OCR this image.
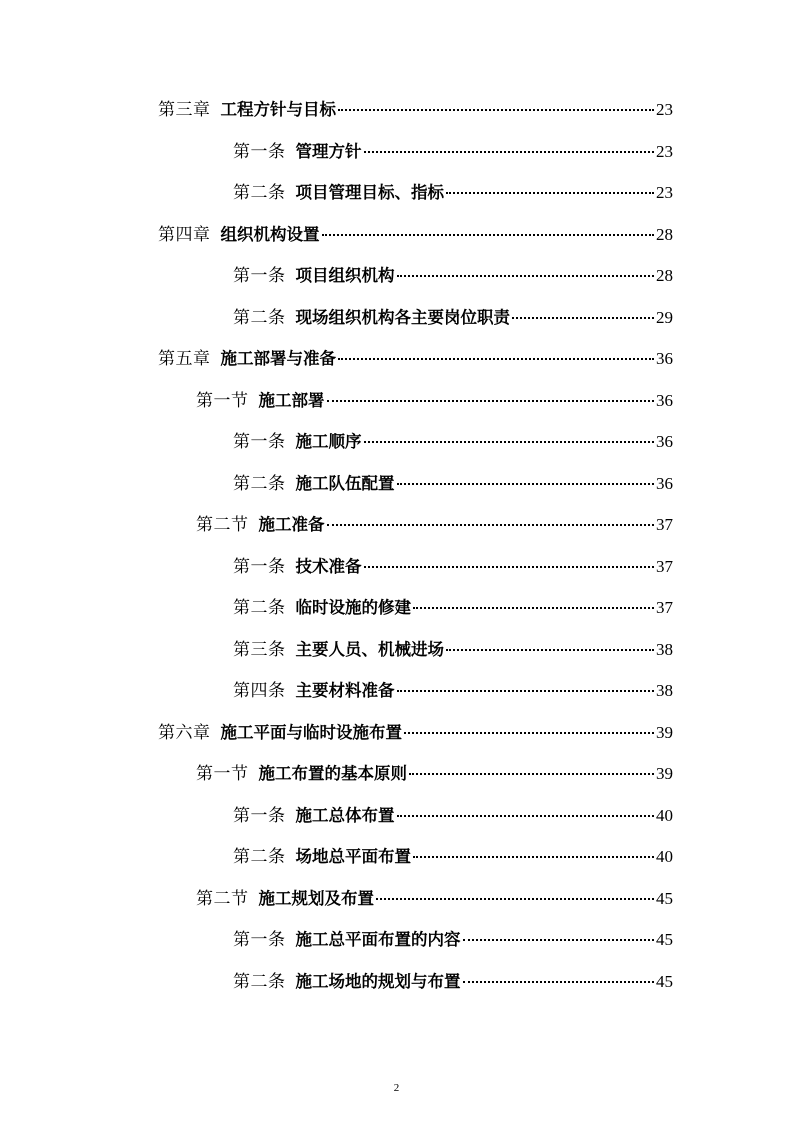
第三章 工程方针与目标	23
第一条 管理方针	23
第二条 项目管理目标、指标	23
第四章 组织机构设置	28
第一条 项目组织机构	28
第二条 现场组织机构各主要岗位职责	29
第五章 施工部署与准备	36
第一节 施工部署	36
第一条 施工顺序	36
第二条 施工队伍配置	36
第二节 施工准备	37
第一条 技术准备	37
第二条 临时设施的修建	37
第三条 主要人员、机械进场	38
第四条 主要材料准备	38
第六章 施工平面与临时设施布置	39
第一节 施工布置的基本原则	39
第一条 施工总体布置	40
第二条 场地总平面布置	40
第二节 施工规划及布置	45
第一条 施工总平面布置的内容	45
第二条 施工场地的规划与布置	45
2
